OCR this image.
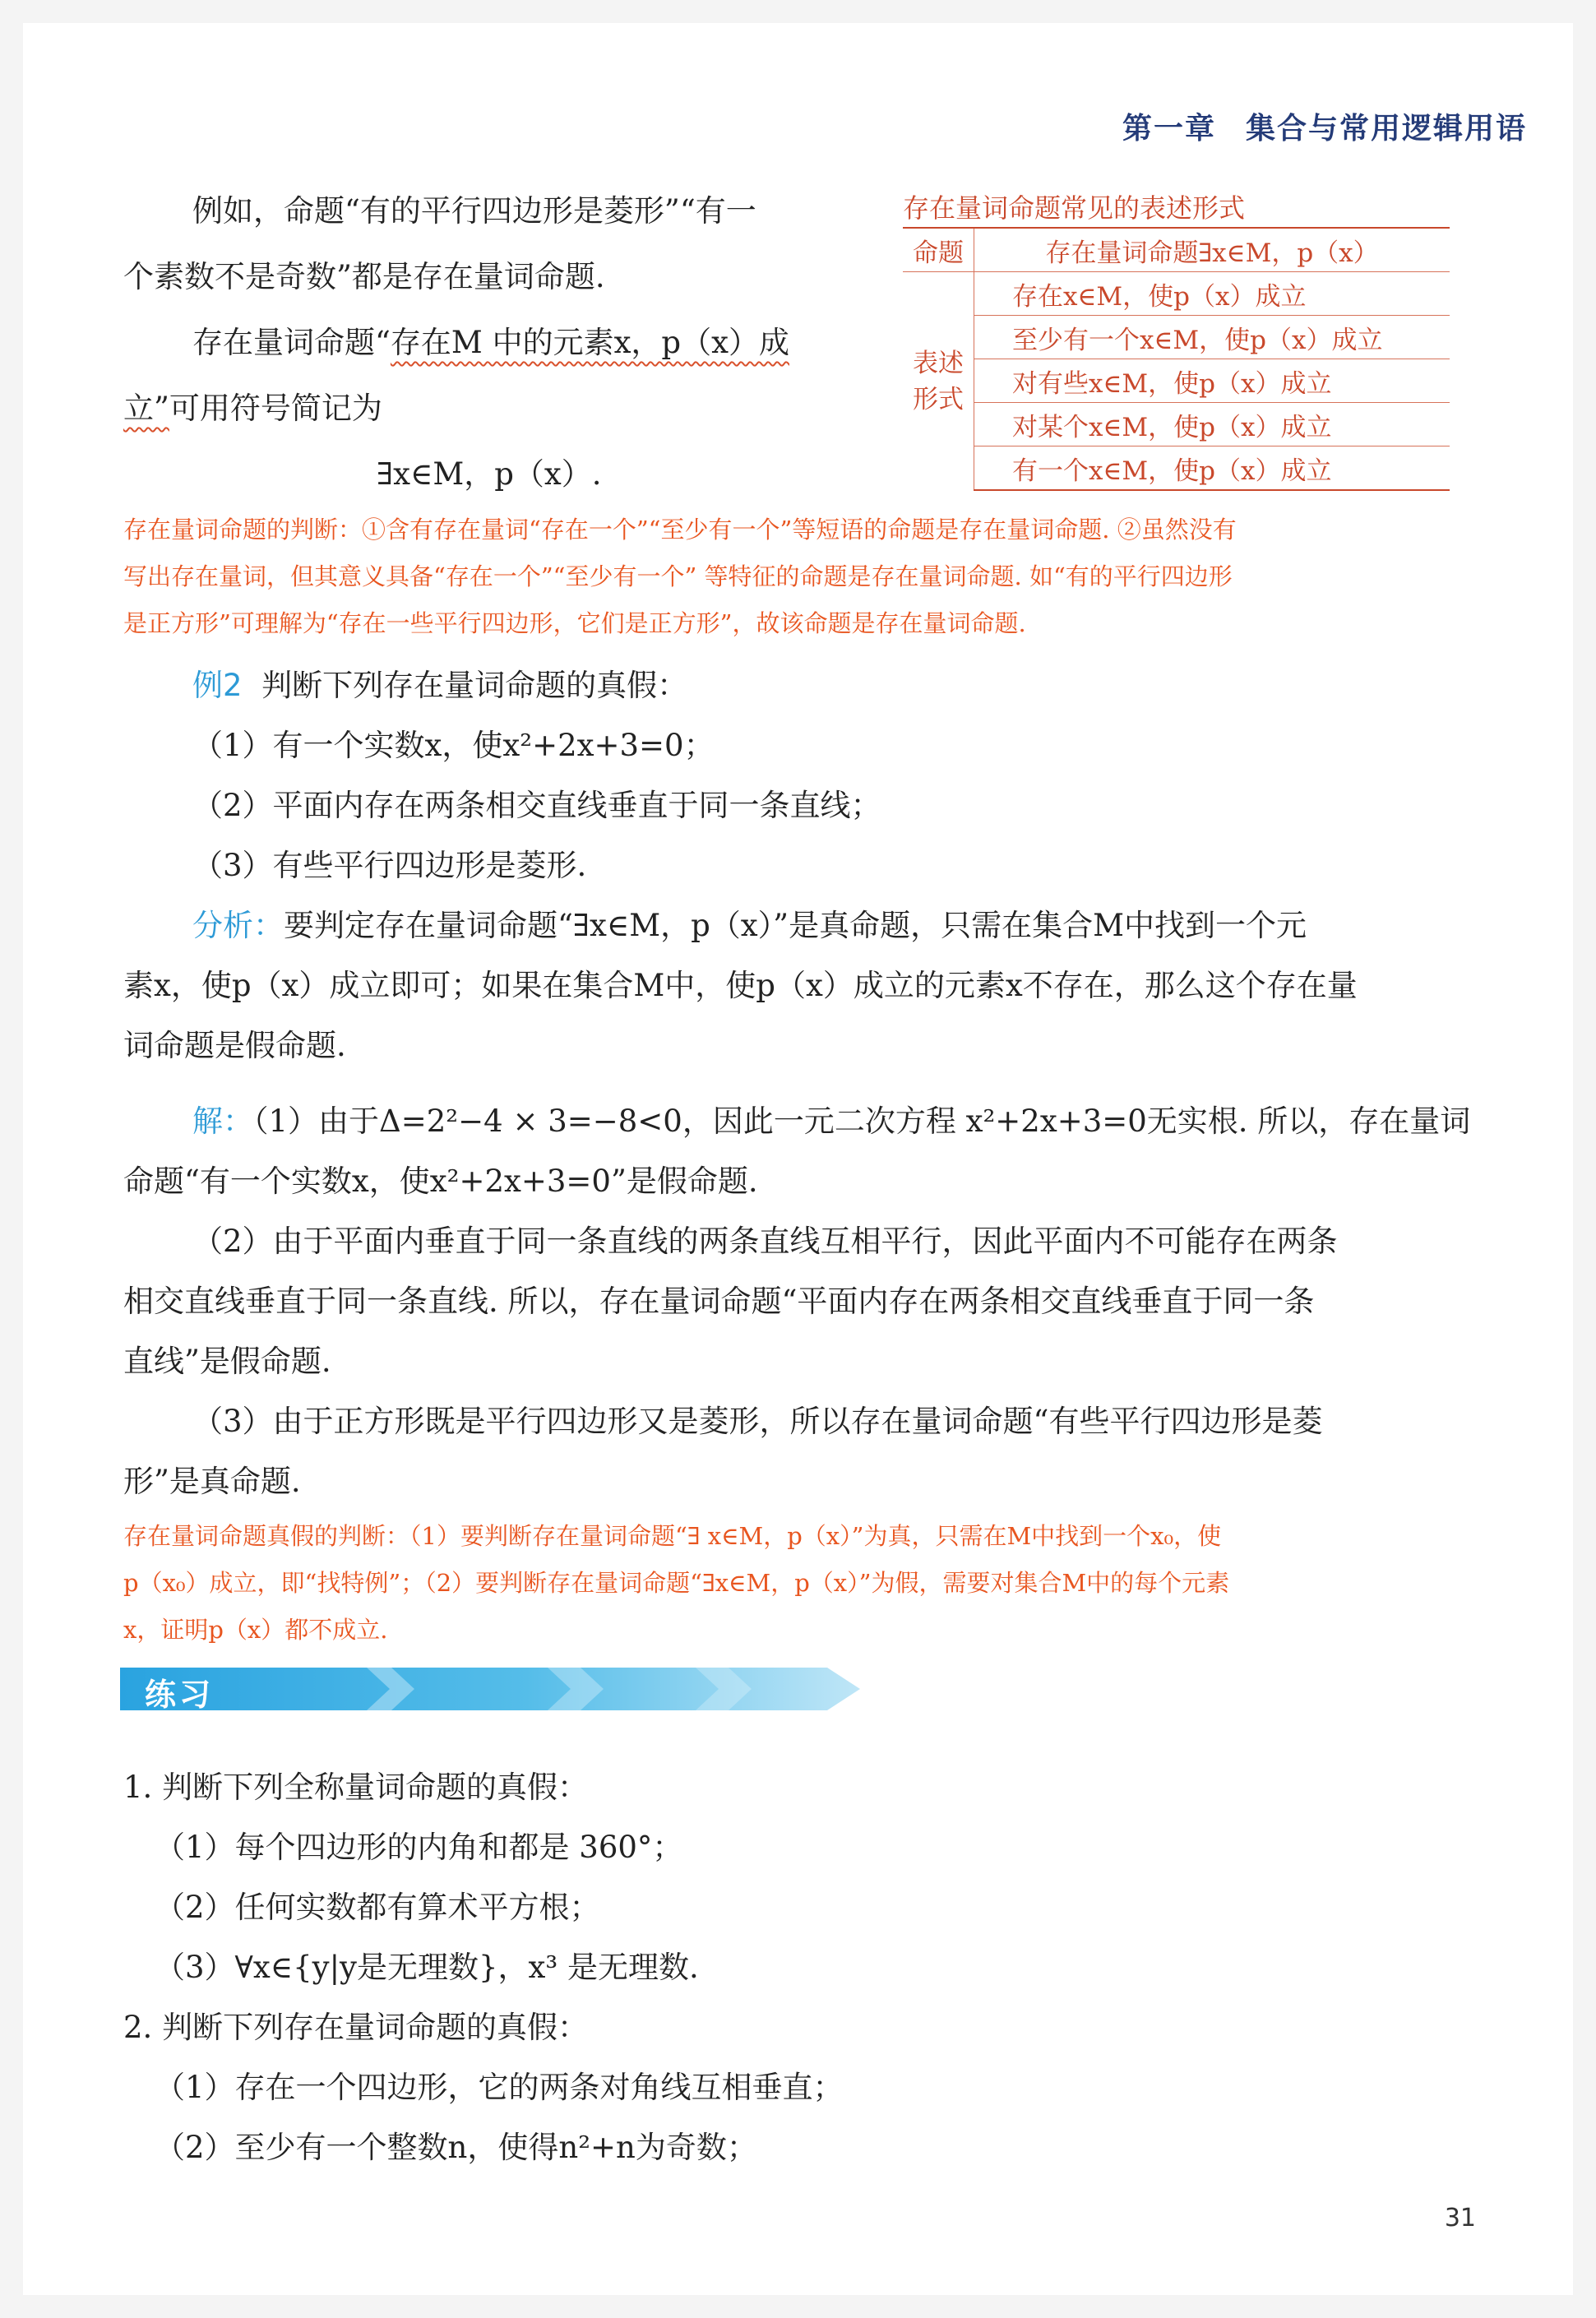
第一章 集合与常用逻辑用语
例如，命题“有的平行四边形是菱形”“有一
个素数不是奇数”都是存在量词命题.
存在量词命题“存在M 中的元素x，p（x）成
立”可用符号简记为
∃x∈M，p（x）.
存在量词命题常见的表述形式
命题	存在量词命题∃x∈M，p（x）
表述
形式	存在x∈M，使p（x）成立
	至少有一个x∈M，使p（x）成立
	对有些x∈M，使p（x）成立
	对某个x∈M，使p（x）成立
	有一个x∈M，使p（x）成立
存在量词命题的判断：①含有存在量词“存在一个”“至少有一个”等短语的命题是存在量词命题. ②虽然没有
写出存在量词，但其意义具备“存在一个”“至少有一个” 等特征的命题是存在量词命题. 如“有的平行四边形
是正方形”可理解为“存在一些平行四边形，它们是正方形”，故该命题是存在量词命题.
例2 判断下列存在量词命题的真假：
（1）有一个实数x，使x²+2x+3=0；
（2）平面内存在两条相交直线垂直于同一条直线；
（3）有些平行四边形是菱形.
分析：要判定存在量词命题“∃x∈M，p（x）”是真命题，只需在集合M中找到一个元
素x，使p（x）成立即可；如果在集合M中，使p（x）成立的元素x不存在，那么这个存在量
词命题是假命题.
解：（1）由于Δ=2²−4 × 3=−8<0，因此一元二次方程 x²+2x+3=0无实根. 所以，存在量词
命题“有一个实数x，使x²+2x+3=0”是假命题.
（2）由于平面内垂直于同一条直线的两条直线互相平行，因此平面内不可能存在两条
相交直线垂直于同一条直线. 所以，存在量词命题“平面内存在两条相交直线垂直于同一条
直线”是假命题.
（3）由于正方形既是平行四边形又是菱形，所以存在量词命题“有些平行四边形是菱
形”是真命题.
存在量词命题真假的判断：（1）要判断存在量词命题“∃ x∈M，p（x）”为真，只需在M中找到一个x₀，使
p（x₀）成立，即“找特例”；（2）要判断存在量词命题“∃x∈M，p（x）”为假，需要对集合M中的每个元素
x，证明p（x）都不成立.
练习
1. 判断下列全称量词命题的真假：
（1）每个四边形的内角和都是 360°；
（2）任何实数都有算术平方根；
（3）∀x∈{y|y是无理数}，x³ 是无理数.
2. 判断下列存在量词命题的真假：
（1）存在一个四边形，它的两条对角线互相垂直；
（2）至少有一个整数n，使得n²+n为奇数；
31
